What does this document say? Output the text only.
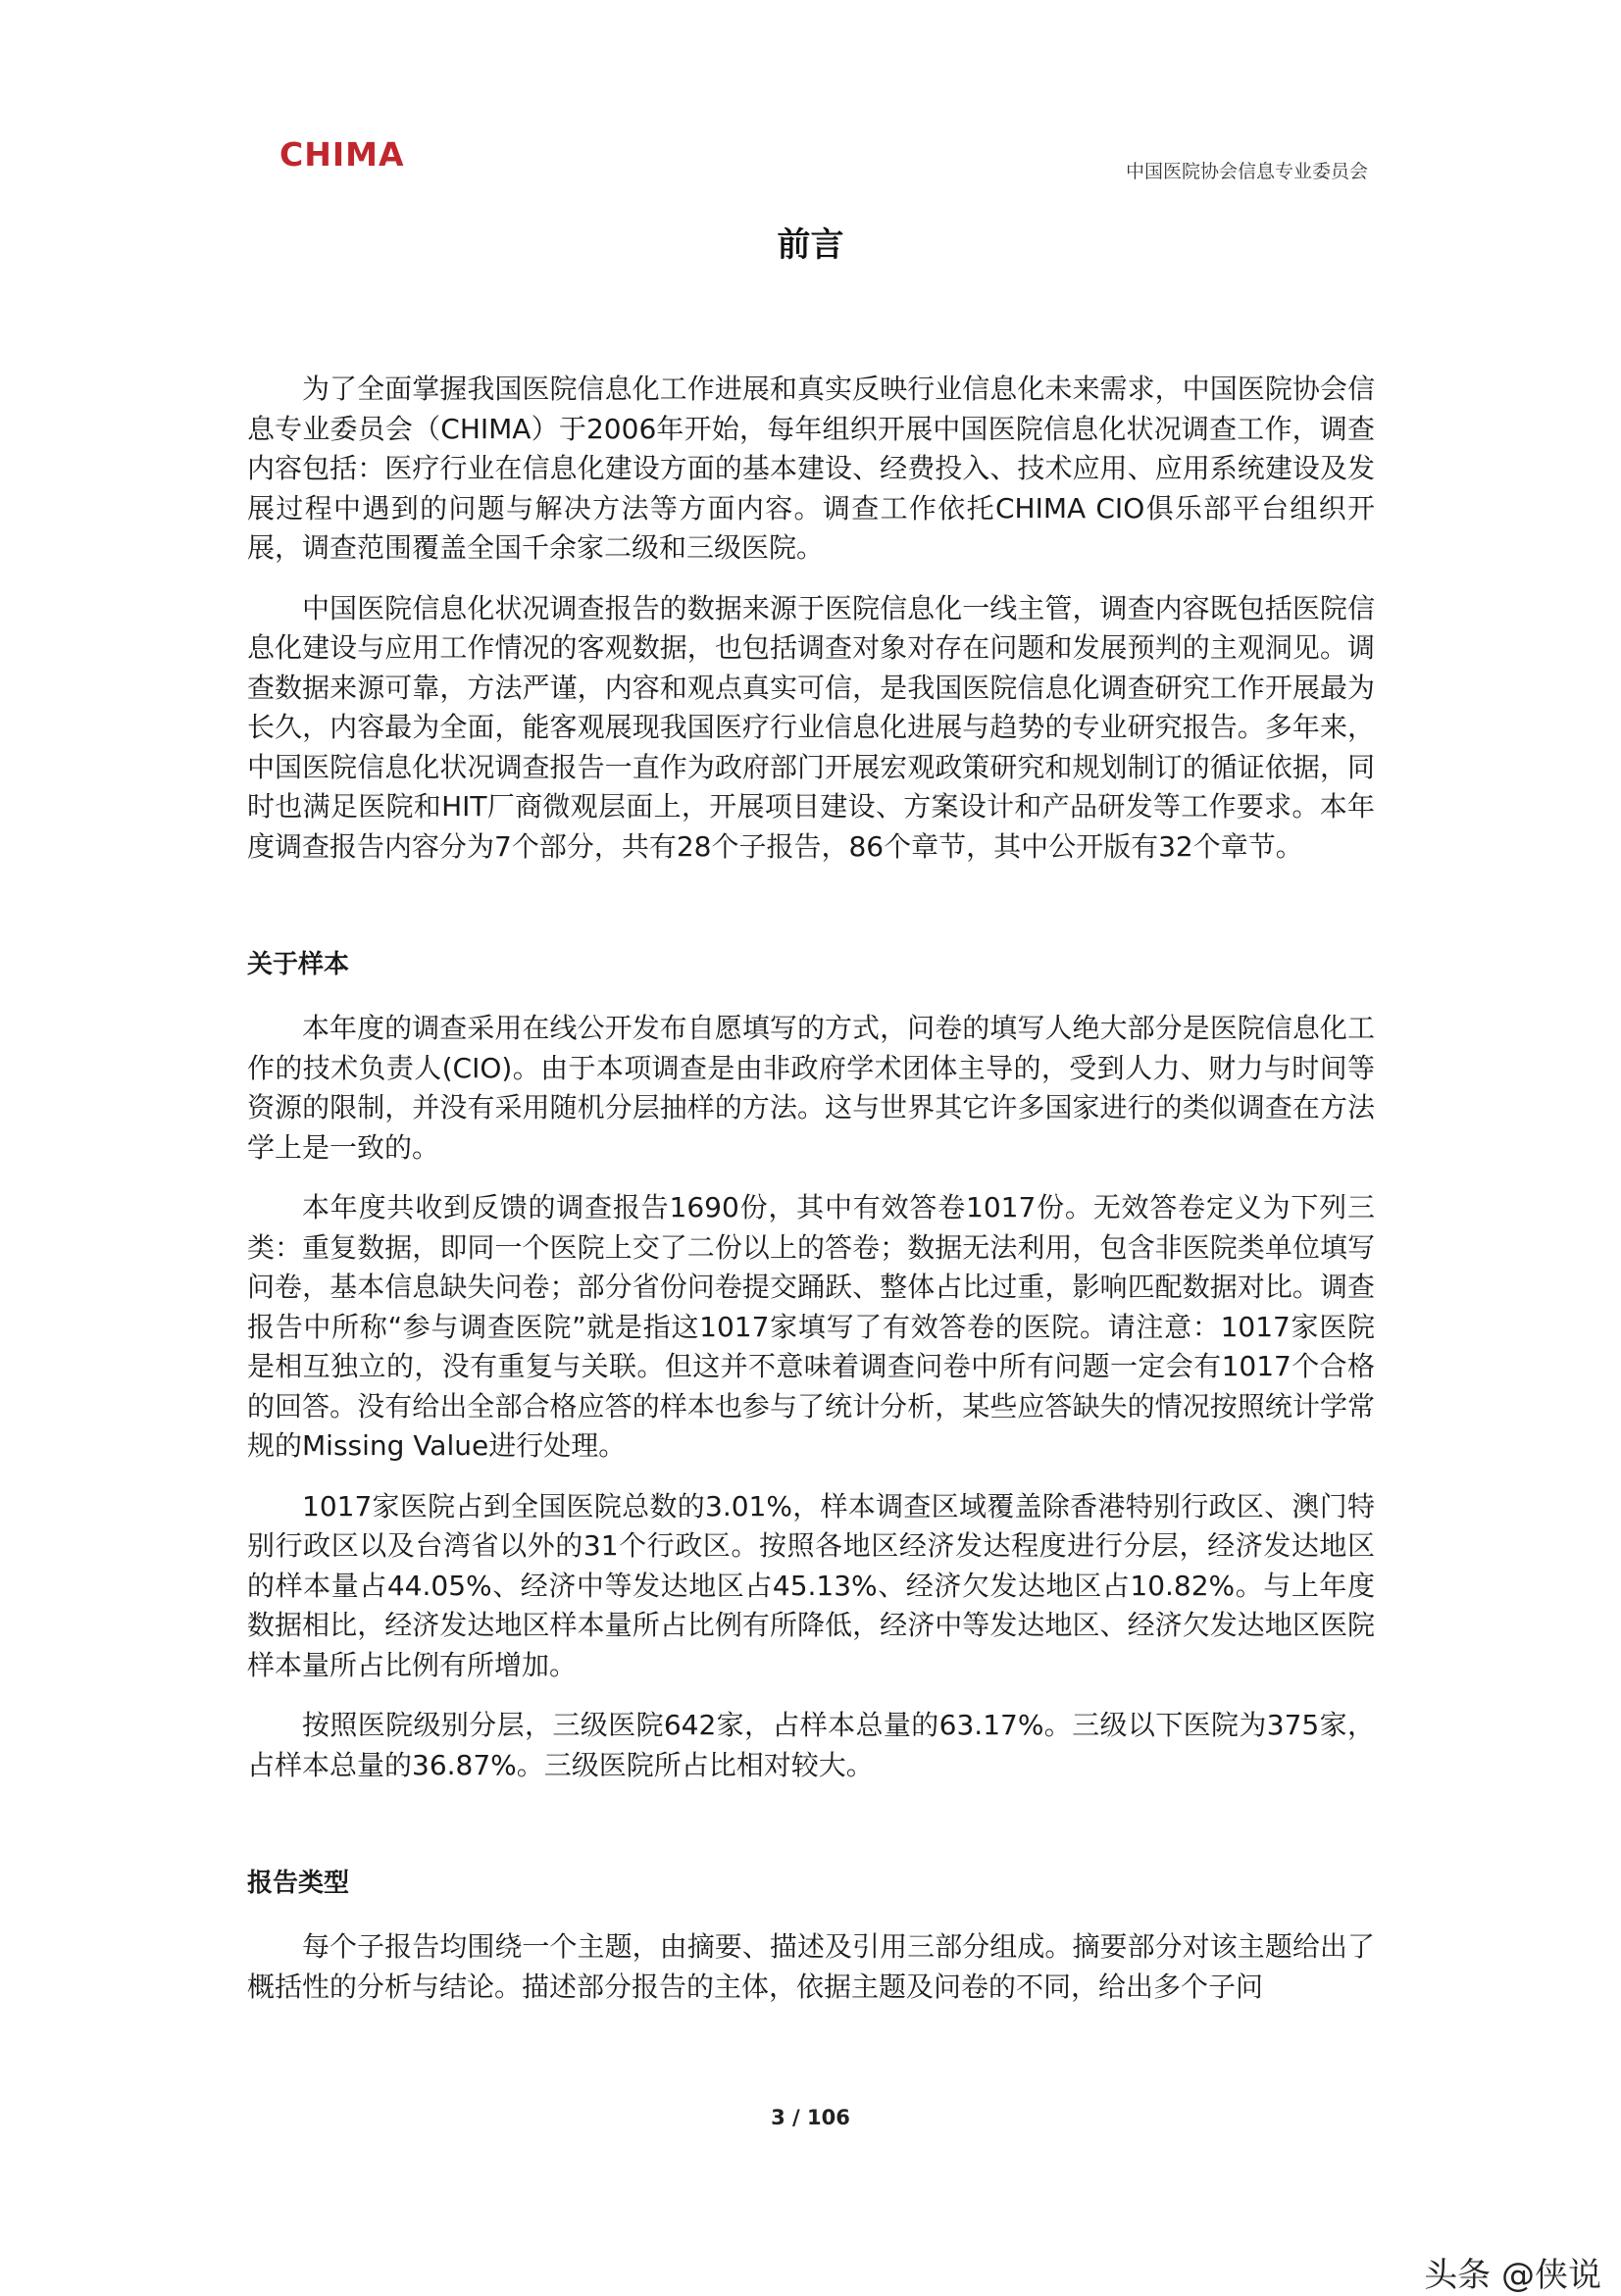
CHIMA	中国医院协会信息专业委员会
前言

为了全面掌握我国医院信息化工作进展和真实反映行业信息化未来需求，中国医院协会信息专业委员会（CHIMA）于2006年开始，每年组织开展中国医院信息化状况调查工作，调查内容包括：医疗行业在信息化建设方面的基本建设、经费投入、技术应用、应用系统建设及发展过程中遇到的问题与解决方法等方面内容。调查工作依托CHIMA CIO俱乐部平台组织开展，调查范围覆盖全国千余家二级和三级医院。

中国医院信息化状况调查报告的数据来源于医院信息化一线主管，调查内容既包括医院信息化建设与应用工作情况的客观数据，也包括调查对象对存在问题和发展预判的主观洞见。调查数据来源可靠，方法严谨，内容和观点真实可信，是我国医院信息化调查研究工作开展最为长久，内容最为全面，能客观展现我国医疗行业信息化进展与趋势的专业研究报告。多年来，中国医院信息化状况调查报告一直作为政府部门开展宏观政策研究和规划制订的循证依据，同时也满足医院和HIT厂商微观层面上，开展项目建设、方案设计和产品研发等工作要求。本年度调查报告内容分为7个部分，共有28个子报告，86个章节，其中公开版有32个章节。

关于样本

本年度的调查采用在线公开发布自愿填写的方式，问卷的填写人绝大部分是医院信息化工作的技术负责人(CIO)。由于本项调查是由非政府学术团体主导的，受到人力、财力与时间等资源的限制，并没有采用随机分层抽样的方法。这与世界其它许多国家进行的类似调查在方法学上是一致的。

本年度共收到反馈的调查报告1690份，其中有效答卷1017份。无效答卷定义为下列三类：重复数据，即同一个医院上交了二份以上的答卷；数据无法利用，包含非医院类单位填写问卷，基本信息缺失问卷；部分省份问卷提交踊跃、整体占比过重，影响匹配数据对比。调查报告中所称“参与调查医院”就是指这1017家填写了有效答卷的医院。请注意：1017家医院是相互独立的，没有重复与关联。但这并不意味着调查问卷中所有问题一定会有1017个合格的回答。没有给出全部合格应答的样本也参与了统计分析，某些应答缺失的情况按照统计学常规的Missing Value进行处理。

1017家医院占到全国医院总数的3.01%，样本调查区域覆盖除香港特别行政区、澳门特别行政区以及台湾省以外的31个行政区。按照各地区经济发达程度进行分层，经济发达地区的样本量占44.05%、经济中等发达地区占45.13%、经济欠发达地区占10.82%。与上年度数据相比，经济发达地区样本量所占比例有所降低，经济中等发达地区、经济欠发达地区医院样本量所占比例有所增加。

按照医院级别分层，三级医院642家，占样本总量的63.17%。三级以下医院为375家，占样本总量的36.87%。三级医院所占比相对较大。

报告类型

每个子报告均围绕一个主题，由摘要、描述及引用三部分组成。摘要部分对该主题给出了概括性的分析与结论。描述部分报告的主体，依据主题及问卷的不同，给出多个子问

3 / 106
头条 @侠说
